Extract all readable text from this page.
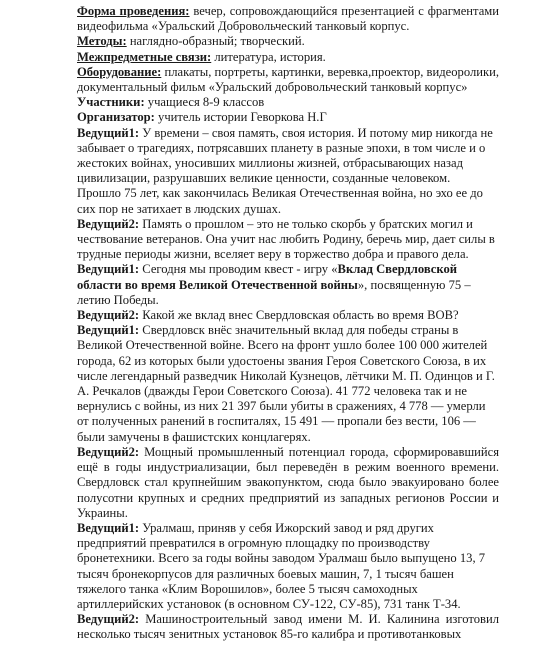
Форма проведения: вечер, сопровождающийся презентацией с фрагментами видеофильма «Уральский Добровольческий танковый корпус.

Методы: наглядно-образный; творческий.

Межпредметные связи: литература, история.

Оборудование: плакаты, портреты, картинки, веревка,проектор, видеоролики, документальный фильм «Уральский добровольческий танковый корпус»

Участники: учащиеся 8-9 классов

Организатор: учитель истории Геворкова Н.Г

Ведущий1: У времени – своя память, своя история. И потому мир никогда не забывает о трагедиях, потрясавших планету в разные эпохи, в том числе и о жестоких войнах, уносивших миллионы жизней, отбрасывающих назад цивилизации, разрушавших великие ценности, созданные человеком.

Прошло 75 лет, как закончилась Великая Отечественная война, но эхо ее до сих пор не затихает в людских душах.

Ведущий2: Память о прошлом – это не только скорбь у братских могил и чествование ветеранов. Она учит нас любить Родину, беречь мир, дает силы в трудные периоды жизни, вселяет веру в торжество добра и правого дела.

Ведущий1: Сегодня мы проводим квест - игру «Вклад Свердловской области во время Великой Отечественной войны», посвященную 75 – летию Победы.

Ведущий2: Какой же вклад внес Свердловская область во время ВОВ?

Ведущий1: Свердловск внёс значительный вклад для победы страны в Великой Отечественной войне. Всего на фронт ушло более 100 000 жителей города, 62 из которых были удостоены звания Героя Советского Союза, в их числе легендарный разведчик Николай Кузнецов, лётчики М. П. Одинцов и Г. А. Речкалов (дважды Герои Советского Союза). 41 772 человека так и не вернулись с войны, из них 21 397 были убиты в сражениях, 4 778 — умерли от полученных ранений в госпиталях, 15 491 — пропали без вести, 106 — были замучены в фашистских концлагерях.

Ведущий2: Мощный промышленный потенциал города, сформировавшийся ещё в годы индустриализации, был переведён в режим военного времени. Свердловск стал крупнейшим эвакопунктом, сюда было эвакуировано более полусотни крупных и средних предприятий из западных регионов России и Украины.

Ведущий1: Уралмаш, приняв у себя Ижорский завод и ряд других предприятий превратился в огромную площадку по производству бронетехники. Всего за годы войны заводом Уралмаш было выпущено 13, 7 тысяч бронекорпусов для различных боевых машин, 7, 1 тысяч башен тяжелого танка «Клим Ворошилов», более 5 тысяч самоходных артиллерийских установок (в основном СУ-122, СУ-85), 731 танк Т-34.

Ведущий2: Машиностроительный завод имени М. И. Калинина изготовил несколько тысяч зенитных установок 85-го калибра и противотанковых
